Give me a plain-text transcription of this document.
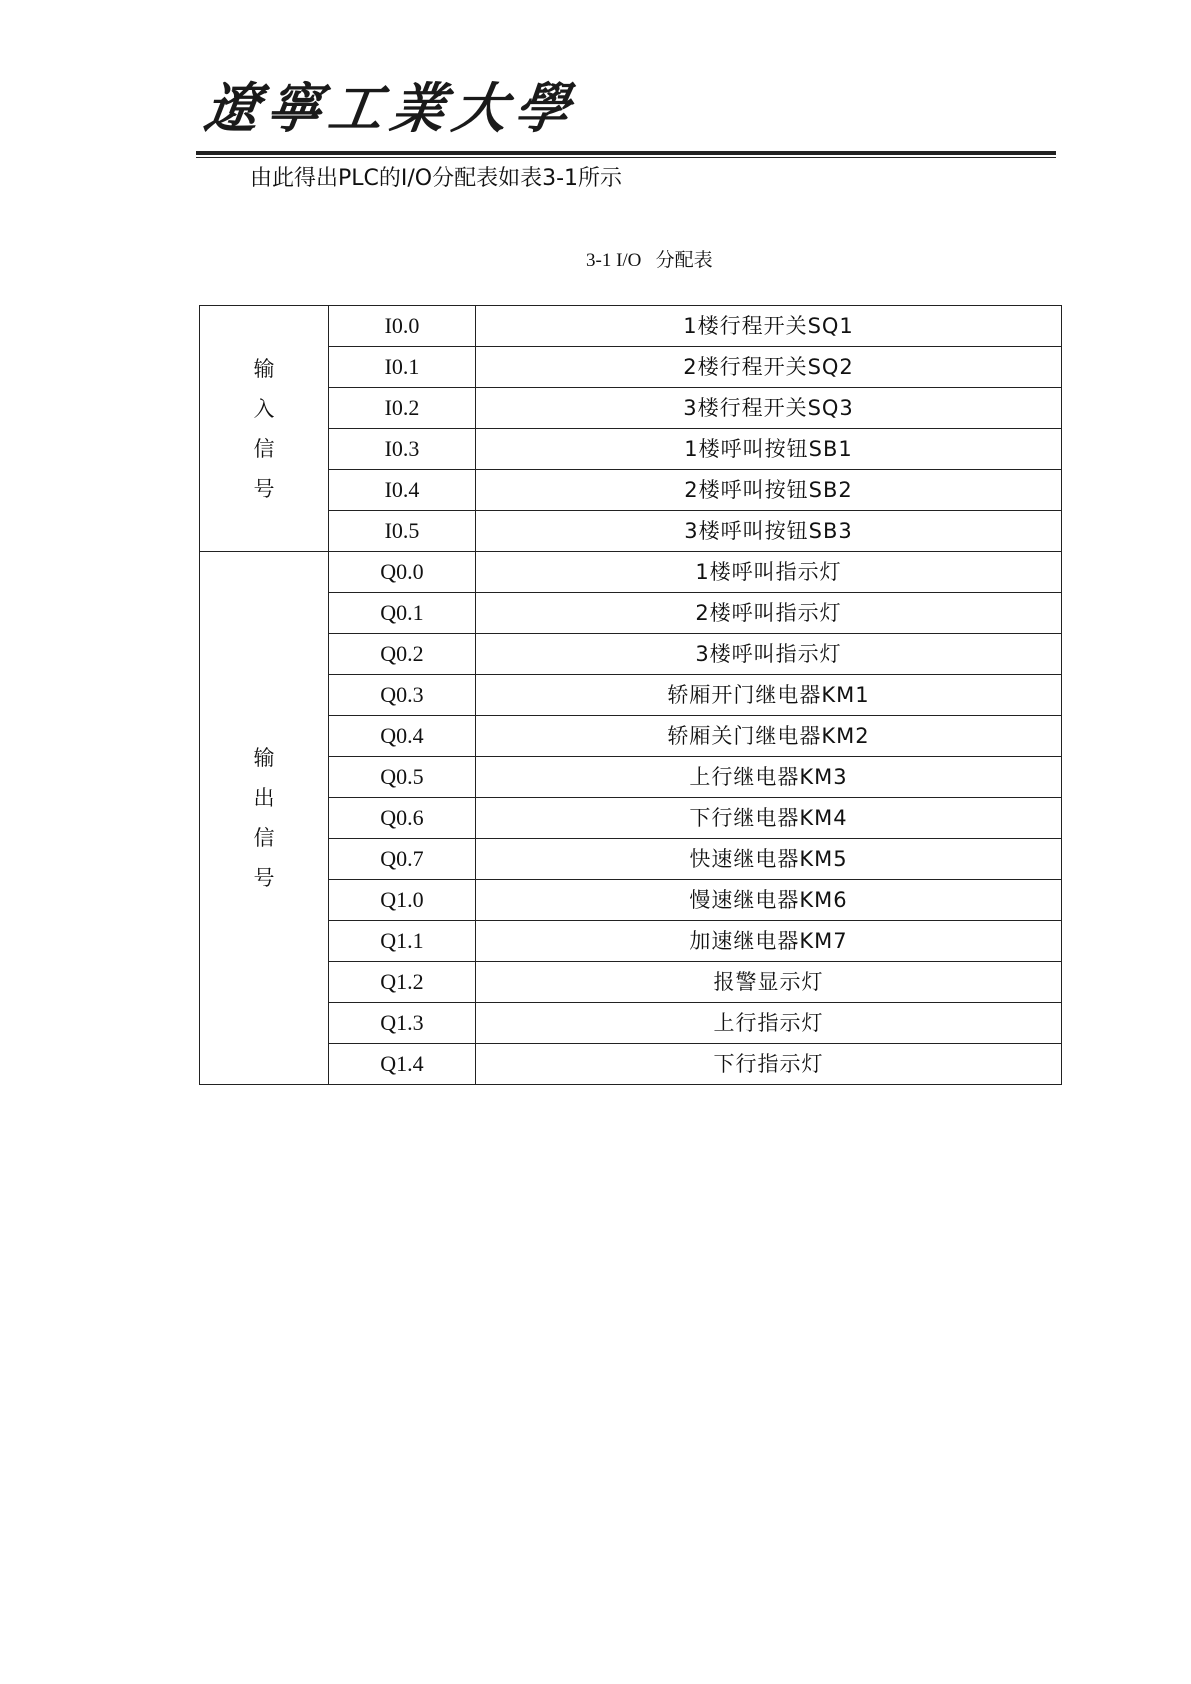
遼寧工業大學
由此得出PLC的I/O分配表如表3-1所示
3-1 I/O   分配表
输入信号	I0.0	1楼行程开关SQ1
	I0.1	2楼行程开关SQ2
	I0.2	3楼行程开关SQ3
	I0.3	1楼呼叫按钮SB1
	I0.4	2楼呼叫按钮SB2
	I0.5	3楼呼叫按钮SB3
输出信号	Q0.0	1楼呼叫指示灯
	Q0.1	2楼呼叫指示灯
	Q0.2	3楼呼叫指示灯
	Q0.3	轿厢开门继电器KM1
	Q0.4	轿厢关门继电器KM2
	Q0.5	上行继电器KM3
	Q0.6	下行继电器KM4
	Q0.7	快速继电器KM5
	Q1.0	慢速继电器KM6
	Q1.1	加速继电器KM7
	Q1.2	报警显示灯
	Q1.3	上行指示灯
	Q1.4	下行指示灯
